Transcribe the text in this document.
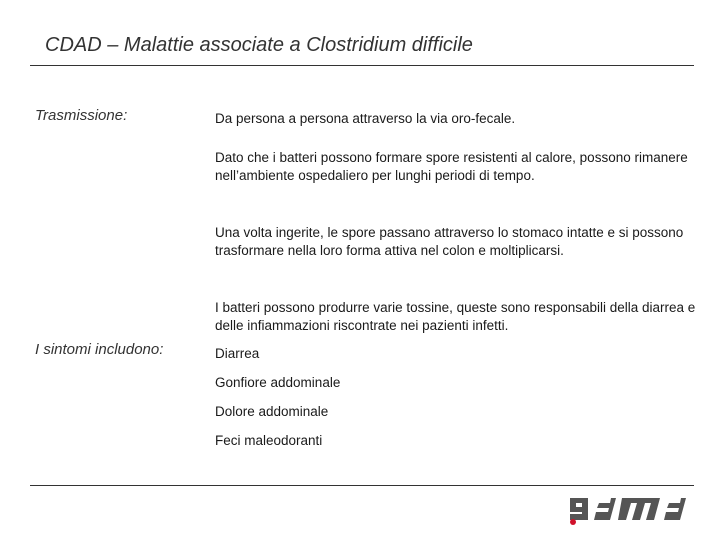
CDAD – Malattie associate a Clostridium difficile
Trasmissione:	Da persona a persona attraverso la via oro-fecale.
Dato che i batteri possono formare spore resistenti al calore, possono rimanere nell’ambiente ospedaliero per lunghi periodi di tempo.
Una volta ingerite, le spore passano attraverso lo stomaco intatte e si possono trasformare nella loro forma attiva nel colon e moltiplicarsi.
I batteri possono produrre varie tossine, queste sono responsabili della diarrea e delle infiammazioni riscontrate nei pazienti infetti.
I sintomi includono:	Diarrea
Gonfiore addominale
Dolore addominale
Feci maleodoranti
